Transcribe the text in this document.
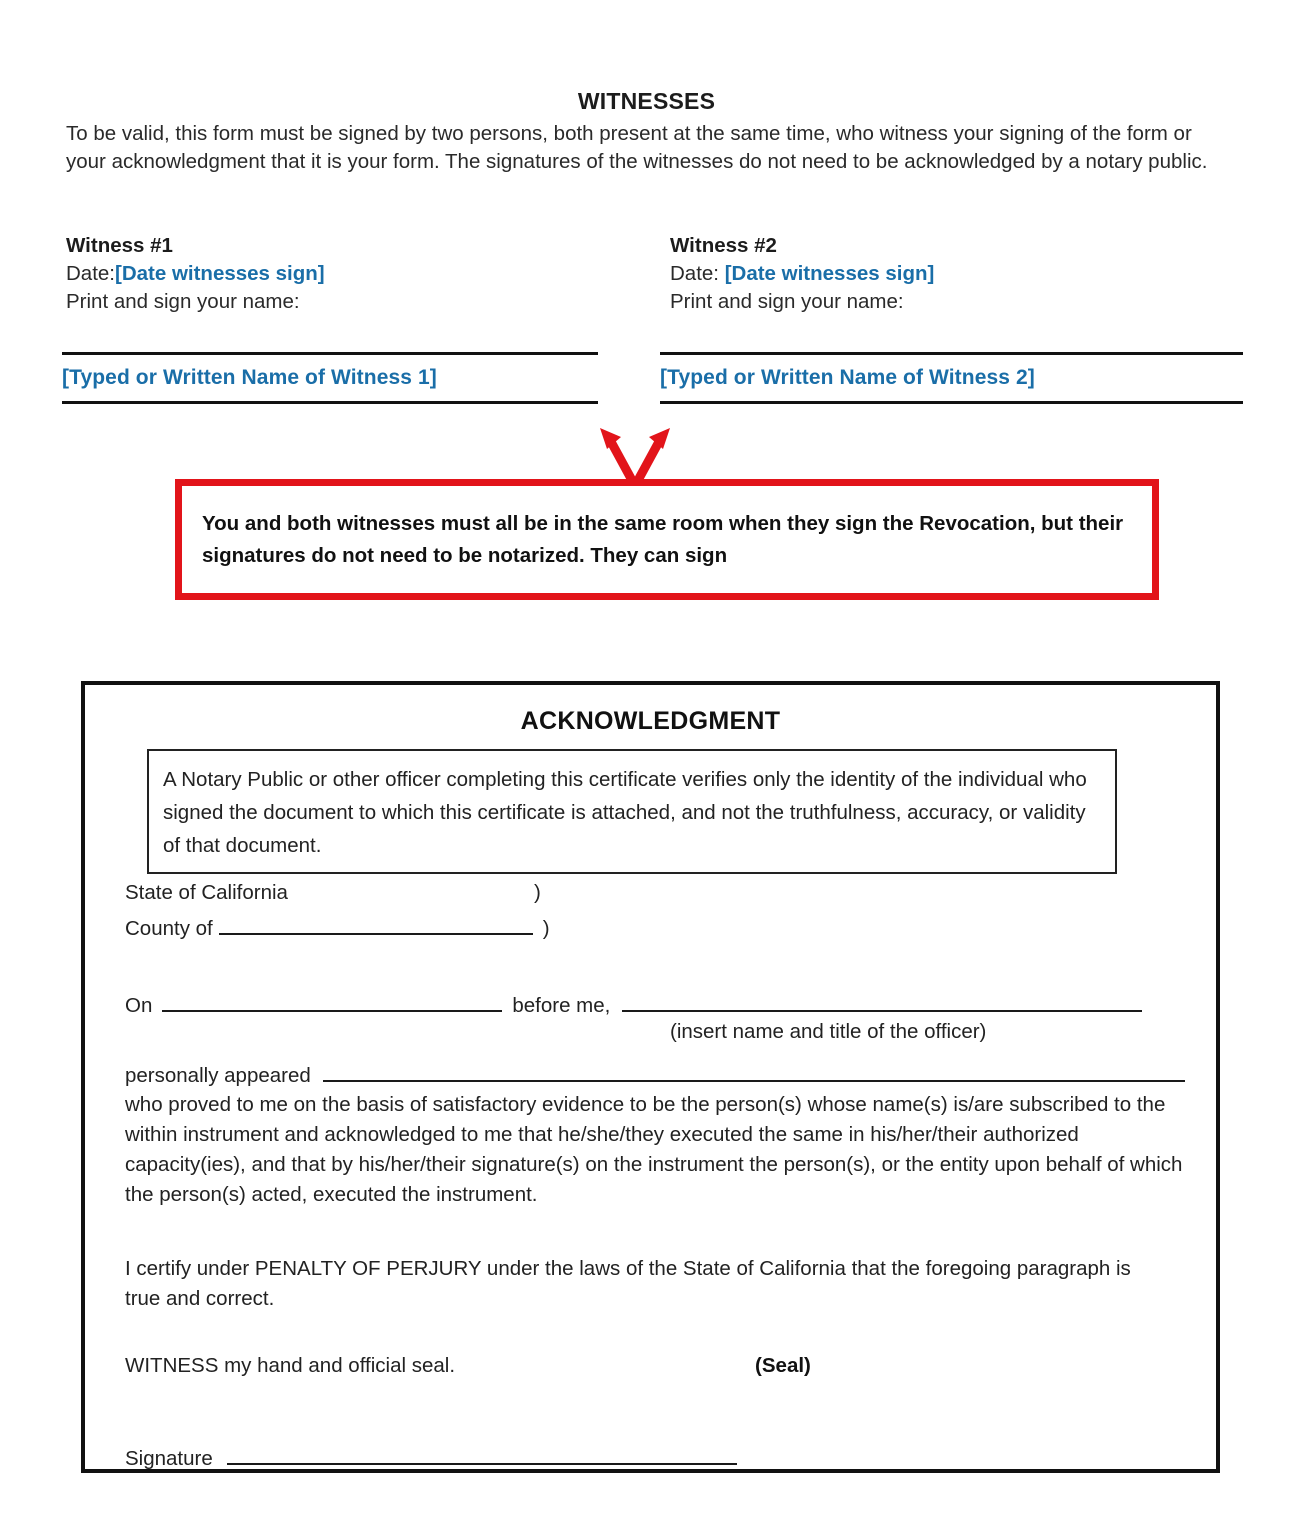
WITNESSES
To be valid, this form must be signed by two persons, both present at the same time, who witness your signing of the form or your acknowledgment that it is your form. The signatures of the witnesses do not need to be acknowledged by a notary public.
Witness #1
Date:[Date witnesses sign]
Print and sign your name:
Witness #2
Date: [Date witnesses sign]
Print and sign your name:
[Typed or Written Name of Witness 1]	[Typed or Written Name of Witness 2]
You and both witnesses must all be in the same room when they sign the Revocation, but their signatures do not need to be notarized. They can sign
ACKNOWLEDGMENT

A Notary Public or other officer completing this certificate verifies only the identity of the individual who signed the document to which this certificate is attached, and not the truthfulness, accuracy, or validity of that document.

State of California	)
County of	)
On	before me,
(insert name and title of the officer)
personally appeared
who proved to me on the basis of satisfactory evidence to be the person(s) whose name(s) is/are subscribed to the within instrument and acknowledged to me that he/she/they executed the same in his/her/their authorized capacity(ies), and that by his/her/their signature(s) on the instrument the person(s), or the entity upon behalf of which the person(s) acted, executed the instrument.
I certify under PENALTY OF PERJURY under the laws of the State of California that the foregoing paragraph is true and correct.
WITNESS my hand and official seal.	(Seal)
Signature
